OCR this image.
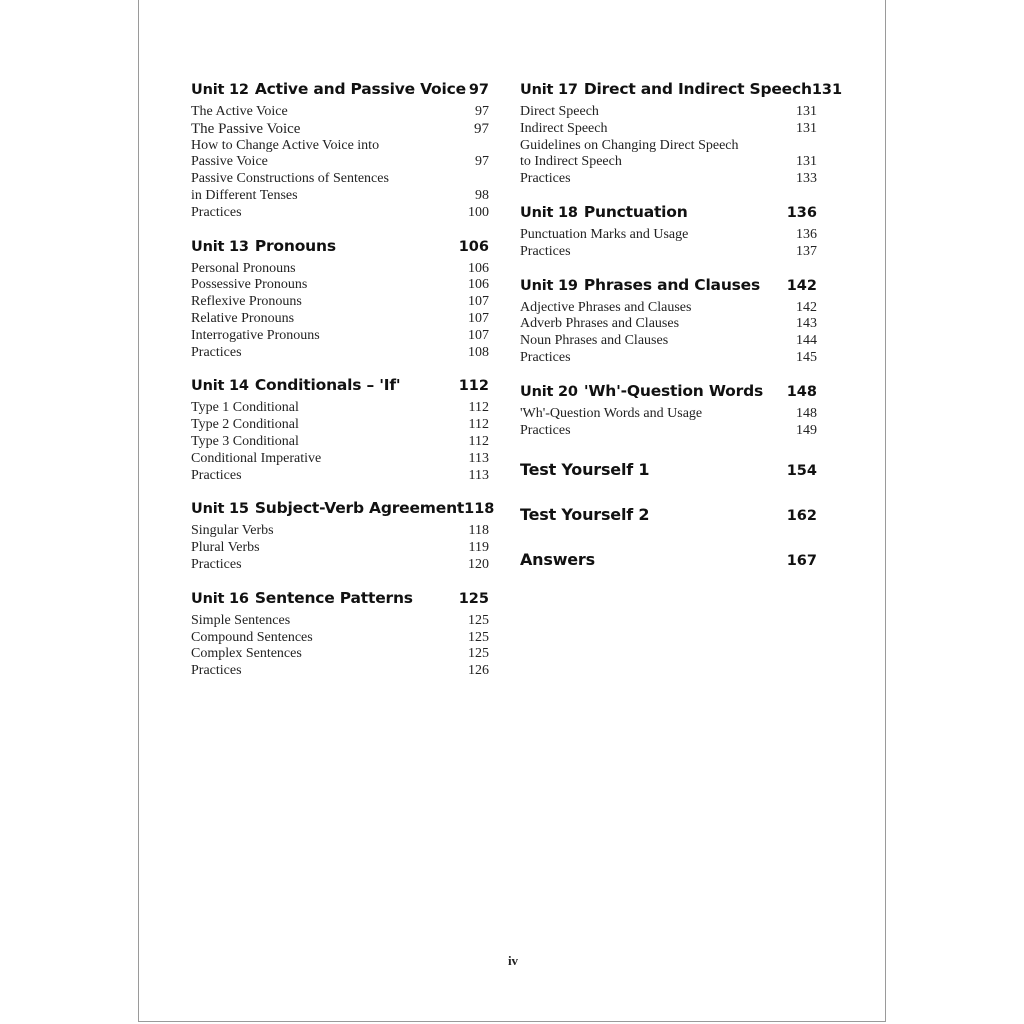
Unit 12 Active and Passive Voice 97
The Active Voice	97
The Passive Voice	97
How to Change Active Voice into
Passive Voice	97
Passive Constructions of Sentences
in Different Tenses	98
Practices	100
Unit 13 Pronouns	106
Personal Pronouns	106
Possessive Pronouns	106
Reflexive Pronouns	107
Relative Pronouns	107
Interrogative Pronouns	107
Practices	108
Unit 14 Conditionals – 'If'	112
Type 1 Conditional	112
Type 2 Conditional	112
Type 3 Conditional	112
Conditional Imperative	113
Practices	113
Unit 15 Subject-Verb Agreement 118
Singular Verbs	118
Plural Verbs	119
Practices	120
Unit 16 Sentence Patterns	125
Simple Sentences	125
Compound Sentences	125
Complex Sentences	125
Practices	126
Unit 17 Direct and Indirect Speech 131
Direct Speech	131
Indirect Speech	131
Guidelines on Changing Direct Speech
to Indirect Speech	131
Practices	133
Unit 18 Punctuation	136
Punctuation Marks and Usage	136
Practices	137
Unit 19 Phrases and Clauses 142
Adjective Phrases and Clauses	142
Adverb Phrases and Clauses	143
Noun Phrases and Clauses	144
Practices	145
Unit 20 'Wh'-Question Words 148
'Wh'-Question Words and Usage	148
Practices	149
Test Yourself 1	154
Test Yourself 2	162
Answers	167
iv
